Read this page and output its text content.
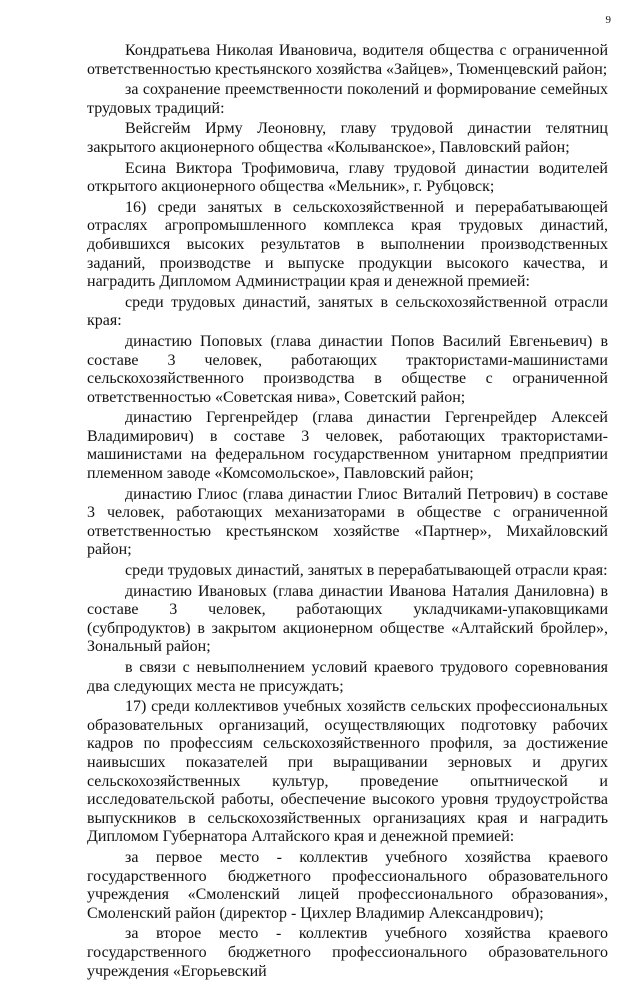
9

Кондратьева Николая Ивановича, водителя общества с ограниченной ответственностью крестьянского хозяйства «Зайцев», Тюменцевский район;

за сохранение преемственности поколений и формирование семейных трудовых традиций:

Вейсгейм Ирму Леоновну, главу трудовой династии телятниц закрытого акционерного общества «Колыванское», Павловский район;

Есина Виктора Трофимовича, главу трудовой династии водителей открытого акционерного общества «Мельник», г. Рубцовск;

16) среди занятых в сельскохозяйственной и перерабатывающей отраслях агропромышленного комплекса края трудовых династий, добившихся высоких результатов в выполнении производственных заданий, производстве и выпуске продукции высокого качества, и наградить Дипломом Администрации края и денежной премией:

среди трудовых династий, занятых в сельскохозяйственной отрасли края:

династию Поповых (глава династии Попов Василий Евгеньевич) в составе 3 человек, работающих трактористами-машинистами сельскохозяйственного производства в обществе с ограниченной ответственностью «Советская нива», Советский район;

династию Гергенрейдер (глава династии Гергенрейдер Алексей Владимирович) в составе 3 человек, работающих трактористами-машинистами на федеральном государственном унитарном предприятии племенном заводе «Комсомольское», Павловский район;

династию Глиос (глава династии Глиос Виталий Петрович) в составе 3 человек, работающих механизаторами в обществе с ограниченной ответственностью крестьянском хозяйстве «Партнер», Михайловский район;

среди трудовых династий, занятых в перерабатывающей отрасли края:

династию Ивановых (глава династии Иванова Наталия Даниловна) в составе 3 человек, работающих укладчиками-упаковщиками (субпродуктов) в закрытом акционерном обществе «Алтайский бройлер», Зональный район;

в связи с невыполнением условий краевого трудового соревнования два следующих места не присуждать;

17) среди коллективов учебных хозяйств сельских профессиональных образовательных организаций, осуществляющих подготовку рабочих кадров по профессиям сельскохозяйственного профиля, за достижение наивысших показателей при выращивании зерновых и других сельскохозяйственных культур, проведение опытнической и исследовательской работы, обеспечение высокого уровня трудоустройства выпускников в сельскохозяйственных организациях края и наградить Дипломом Губернатора Алтайского края и денежной премией:

за первое место - коллектив учебного хозяйства краевого государственного бюджетного профессионального образовательного учреждения «Смоленский лицей профессионального образования», Смоленский район (директор - Цихлер Владимир Александрович);

за второе место - коллектив учебного хозяйства краевого государственного бюджетного профессионального образовательного учреждения «Егорьевский
